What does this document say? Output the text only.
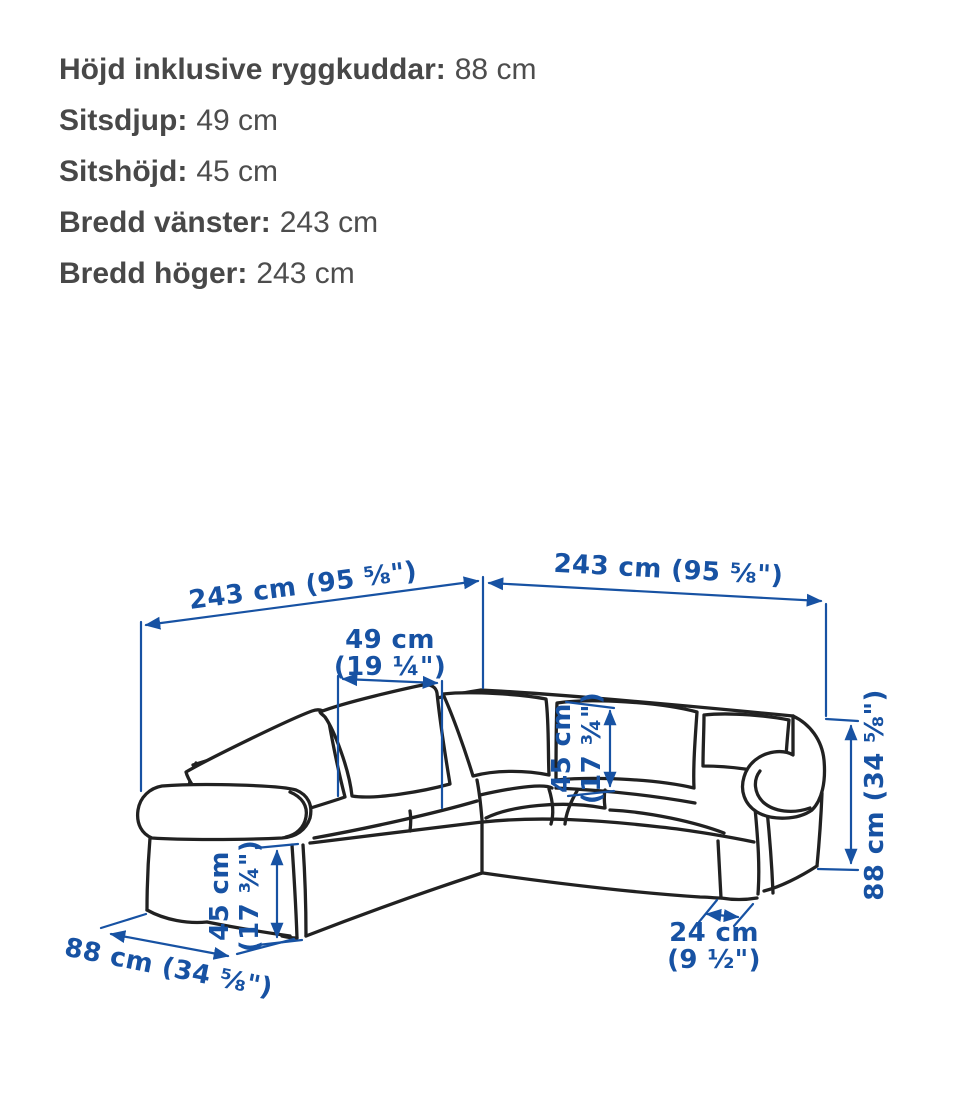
Höjd inklusive ryggkuddar: 88 cm
Sitsdjup: 49 cm
Sitshöjd: 45 cm
Bredd vänster: 243 cm
Bredd höger: 243 cm
243 cm (95 ⅝")	243 cm (95 ⅝")
49 cm (19 ¼")
45 cm(17 ¾")	88 cm (34 ⅝")
45 cm(17 ¾")
88 cm (34 ⅝")	24 cm (9 ½")
